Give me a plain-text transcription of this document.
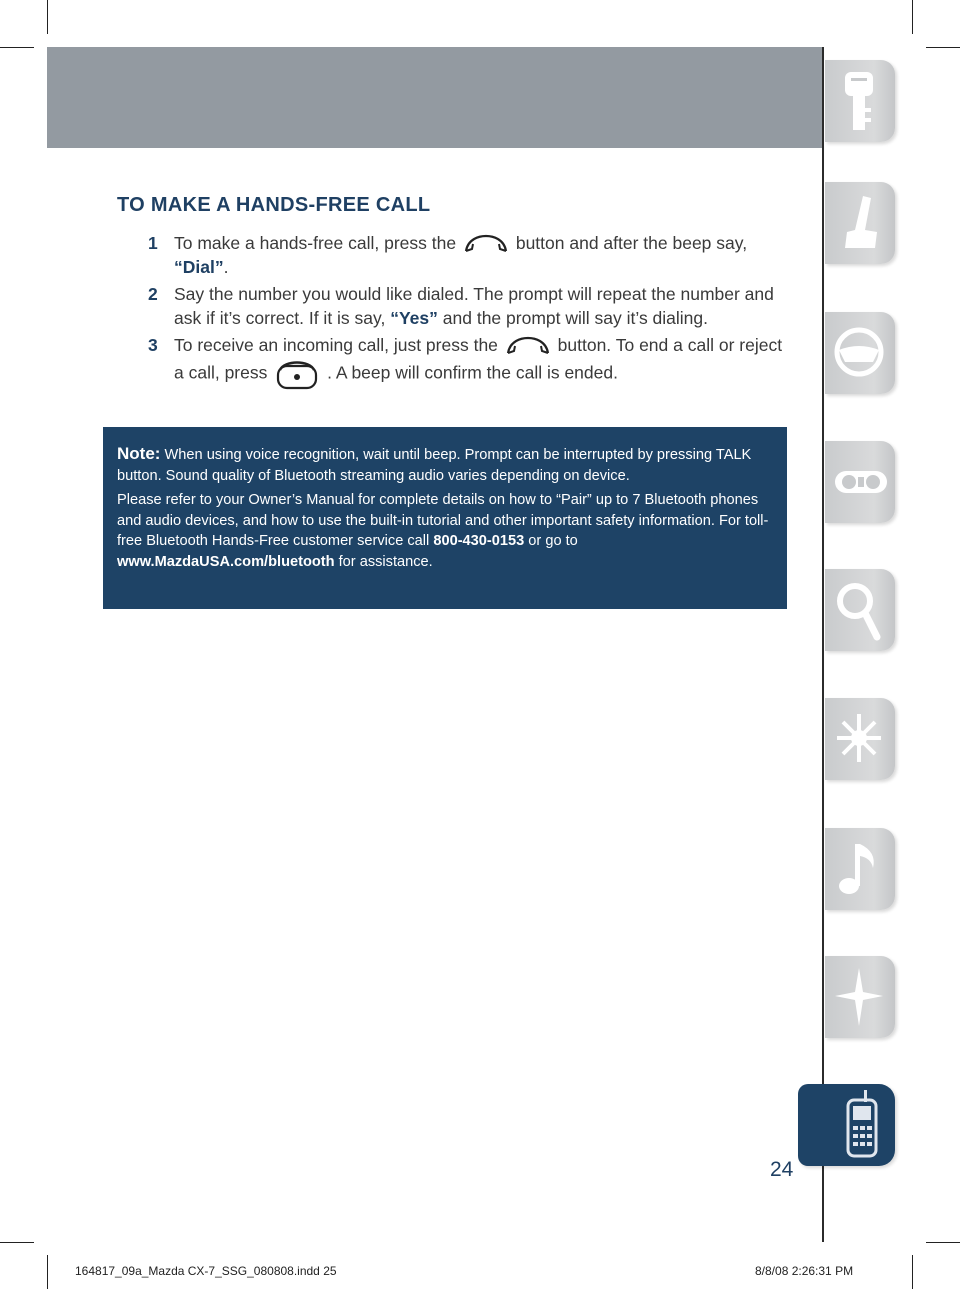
TO MAKE A HANDS-FREE CALL
1 To make a hands-free call, press the	button and after the beep say, “Dial”.
2 Say the number you would like dialed. The prompt will repeat the number and ask if it’s correct. If it is say, “Yes” and the prompt will say it’s dialing.
3 To receive an incoming call, just press the	button. To end a call or reject a call, press	. A beep will confirm the call is ended.

Note: When using voice recognition, wait until beep. Prompt can be interrupted by pressing TALK button. Sound quality of Bluetooth streaming audio varies depending on device.

Please refer to your Owner’s Manual for complete details on how to “Pair” up to 7 Bluetooth phones and audio devices, and how to use the built-in tutorial and other important safety information. For toll-free Bluetooth Hands-Free customer service call 800-430-0153 or go to www.MazdaUSA.com/bluetooth for assistance.

24
164817_09a_Mazda CX-7_SSG_080808.indd 25	8/8/08 2:26:31 PM
